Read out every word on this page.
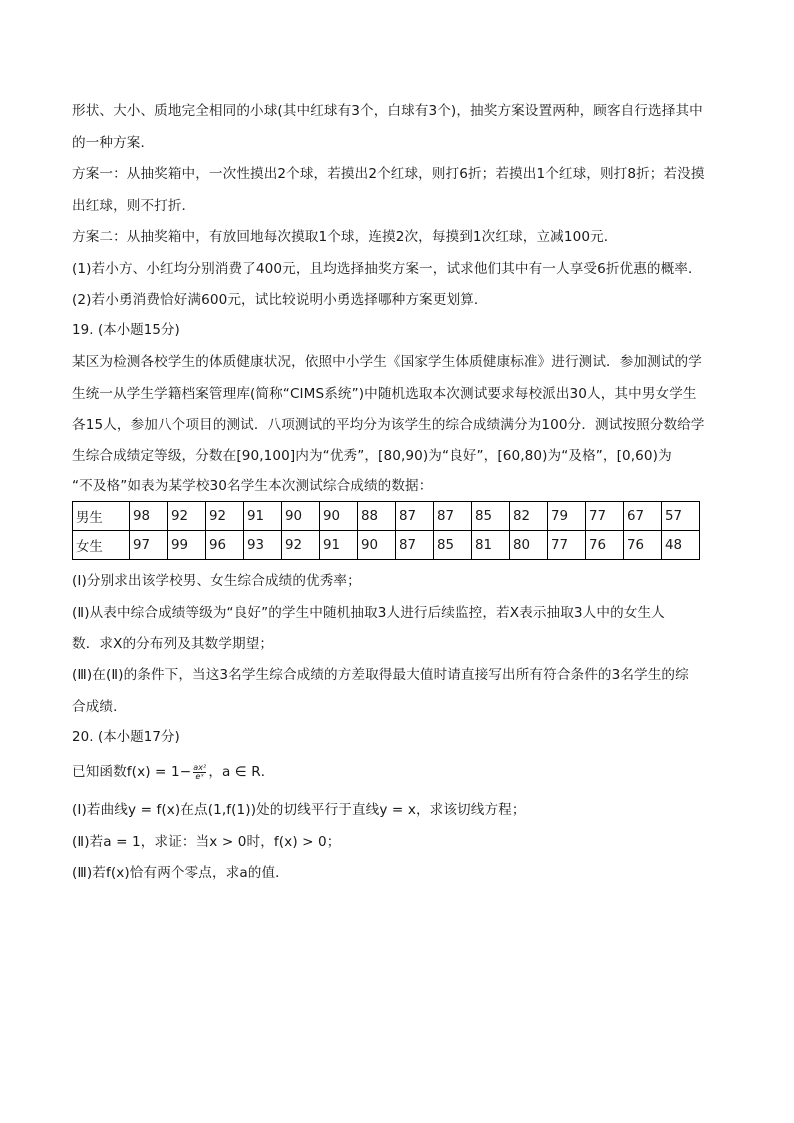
形状、大小、质地完全相同的小球(其中红球有3个，白球有3个)，抽奖方案设置两种，顾客自行选择其中
的一种方案．
方案一：从抽奖箱中，一次性摸出2个球，若摸出2个红球，则打6折；若摸出1个红球，则打8折；若没摸
出红球，则不打折．
方案二：从抽奖箱中，有放回地每次摸取1个球，连摸2次，每摸到1次红球，立减100元．
(1)若小方、小红均分别消费了400元，且均选择抽奖方案一，试求他们其中有一人享受6折优惠的概率．
(2)若小勇消费恰好满600元，试比较说明小勇选择哪种方案更划算．
19. (本小题15分)
某区为检测各校学生的体质健康状况，依照中小学生《国家学生体质健康标准》进行测试．参加测试的学
生统一从学生学籍档案管理库(简称“CIMS系统”)中随机选取本次测试要求每校派出30人，其中男女学生
各15人，参加八个项目的测试．八项测试的平均分为该学生的综合成绩满分为100分．测试按照分数给学
生综合成绩定等级，分数在[90,100]内为“优秀”，[80,90)为“良好”，[60,80)为“及格”，[0,60)为
“不及格”如表为某学校30名学生本次测试综合成绩的数据：
男生	98	92	92	91	90	90	88	87	87	85	82	79	77	67	57
女生	97	99	96	93	92	91	90	87	85	81	80	77	76	76	48
(I)分别求出该学校男、女生综合成绩的优秀率；
(Ⅱ)从表中综合成绩等级为“良好”的学生中随机抽取3人进行后续监控，若X表示抽取3人中的女生人
数．求X的分布列及其数学期望；
(Ⅲ)在(Ⅱ)的条件下，当这3名学生综合成绩的方差取得最大值时请直接写出所有符合条件的3名学生的综
合成绩．
20. (本小题17分)
已知函数$f(x) = 1- \frac{\text{ax²}}{\text{eˣ}}$ ，a ∈ R．
(Ⅰ)若曲线y = f(x)在点(1,f(1))处的切线平行于直线y = x，求该切线方程；
(Ⅱ)若a = 1，求证：当x > 0时，f(x) > 0；
(Ⅲ)若f(x)恰有两个零点，求a的值．
